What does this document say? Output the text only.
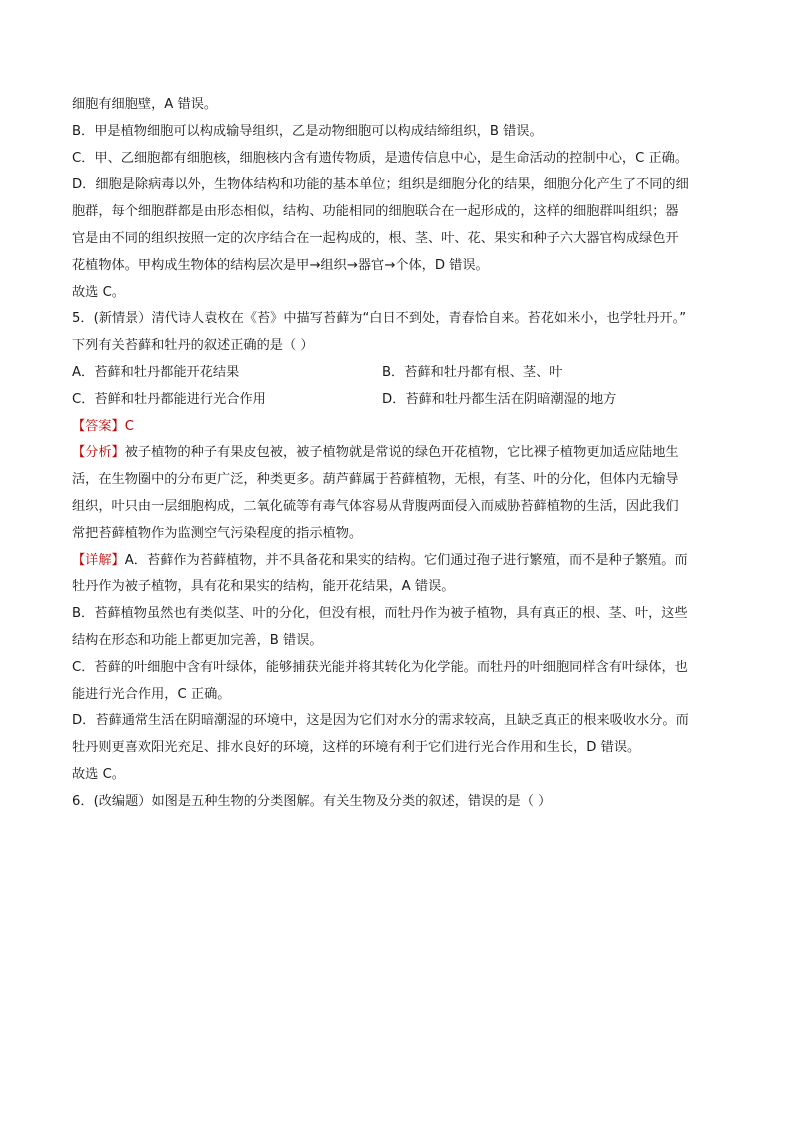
细胞有细胞壁，A 错误。
B．甲是植物细胞可以构成输导组织，乙是动物细胞可以构成结缔组织，B 错误。
C．甲、乙细胞都有细胞核，细胞核内含有遗传物质，是遗传信息中心，是生命活动的控制中心，C 正确。
D．细胞是除病毒以外，生物体结构和功能的基本单位；组织是细胞分化的结果，细胞分化产生了不同的细
胞群，每个细胞群都是由形态相似，结构、功能相同的细胞联合在一起形成的，这样的细胞群叫组织；器
官是由不同的组织按照一定的次序结合在一起构成的，根、茎、叶、花、果实和种子六大器官构成绿色开
花植物体。甲构成生物体的结构层次是甲→组织→器官→个体，D 错误。
故选 C。
5．(新情景）清代诗人袁枚在《苔》中描写苔藓为“白日不到处，青春恰自来。苔花如米小，也学牡丹开。”
下列有关苔藓和牡丹的叙述正确的是（ ）
A．苔藓和牡丹都能开花结果	B．苔藓和牡丹都有根、茎、叶
C．苔鲜和牡丹都能进行光合作用	D．苔藓和牡丹都生活在阴暗潮湿的地方
【答案】C
【分析】被子植物的种子有果皮包被，被子植物就是常说的绿色开花植物，它比裸子植物更加适应陆地生
活，在生物圈中的分布更广泛，种类更多。葫芦藓属于苔藓植物，无根，有茎、叶的分化，但体内无输导
组织，叶只由一层细胞构成，二氧化硫等有毒气体容易从背腹两面侵入而威胁苔藓植物的生活，因此我们
常把苔藓植物作为监测空气污染程度的指示植物。
【详解】A．苔藓作为苔藓植物，并不具备花和果实的结构。它们通过孢子进行繁殖，而不是种子繁殖。而
牡丹作为被子植物，具有花和果实的结构，能开花结果，A 错误。
B．苔藓植物虽然也有类似茎、叶的分化，但没有根，而牡丹作为被子植物，具有真正的根、茎、叶，这些
结构在形态和功能上都更加完善，B 错误。
C．苔藓的叶细胞中含有叶绿体，能够捕获光能并将其转化为化学能。而牡丹的叶细胞同样含有叶绿体，也
能进行光合作用，C 正确。
D．苔藓通常生活在阴暗潮湿的环境中，这是因为它们对水分的需求较高，且缺乏真正的根来吸收水分。而
牡丹则更喜欢阳光充足、排水良好的环境，这样的环境有利于它们进行光合作用和生长，D 错误。
故选 C。
6．(改编题）如图是五种生物的分类图解。有关生物及分类的叙述，错误的是（ ）
